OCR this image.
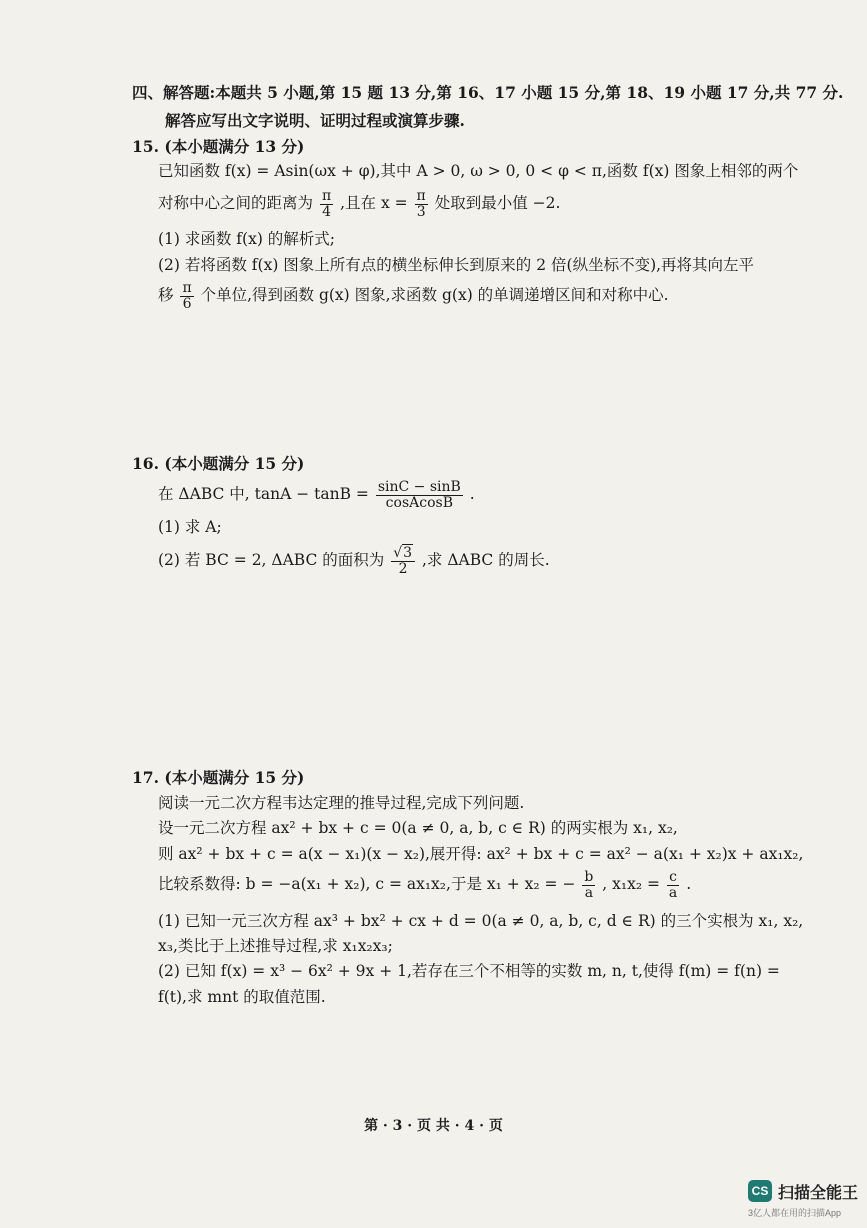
四、解答题:本题共 5 小题,第 15 题 13 分,第 16、17 小题 15 分,第 18、19 小题 17 分,共 77 分.
解答应写出文字说明、证明过程或演算步骤.
15. (本小题满分 13 分)
已知函数 f(x) = Asin(ωx + φ),其中 A > 0, ω > 0, 0 < φ < π,函数 f(x) 图象上相邻的两个
对称中心之间的距离为 $\frac{\pi}{4}$ ,且在 $x = \frac{\pi}{3}$ 处取到最小值 −2.
(1) 求函数 f(x) 的解析式;
(2) 若将函数 f(x) 图象上所有点的横坐标伸长到原来的 2 倍(纵坐标不变),再将其向左平
移 $\frac{\pi}{6}$ 个单位,得到函数 g(x) 图象,求函数 g(x) 的单调递增区间和对称中心.
16. (本小题满分 15 分)
在 ΔABC 中, $\tan A - \tan B = \frac{\sin C - \sin B}{\text{cosAcosB}}$ .
(1) 求 A;
(2) 若 BC = 2, ΔABC 的面积为 $\frac{√3}{2}$ ,求 ΔABC 的周长.
17. (本小题满分 15 分)
阅读一元二次方程韦达定理的推导过程,完成下列问题.
设一元二次方程 ax² + bx + c = 0(a ≠ 0, a, b, c ∈ R) 的两实根为 x₁, x₂,
则 ax² + bx + c = a(x − x₁)(x − x₂),展开得: ax² + bx + c = ax² − a(x₁ + x₂)x + ax₁x₂,
比较系数得: b = −a(x₁ + x₂), c = ax₁x₂,于是 x₁ + x₂ = − $\frac{b}{a}$ , $x_1x_2 = \frac{c}{a}$ .
(1) 已知一元三次方程 ax³ + bx² + cx + d = 0(a ≠ 0, a, b, c, d ∈ R) 的三个实根为 x₁, x₂,
x₃,类比于上述推导过程,求 x₁x₂x₃;
(2) 已知 f(x) = x³ − 6x² + 9x + 1,若存在三个不相等的实数 m, n, t,使得 f(m) = f(n) =
f(t),求 mnt 的取值范围.
第 · 3 · 页 共 · 4 · 页
CS 扫描全能王
3亿人都在用的扫描App
